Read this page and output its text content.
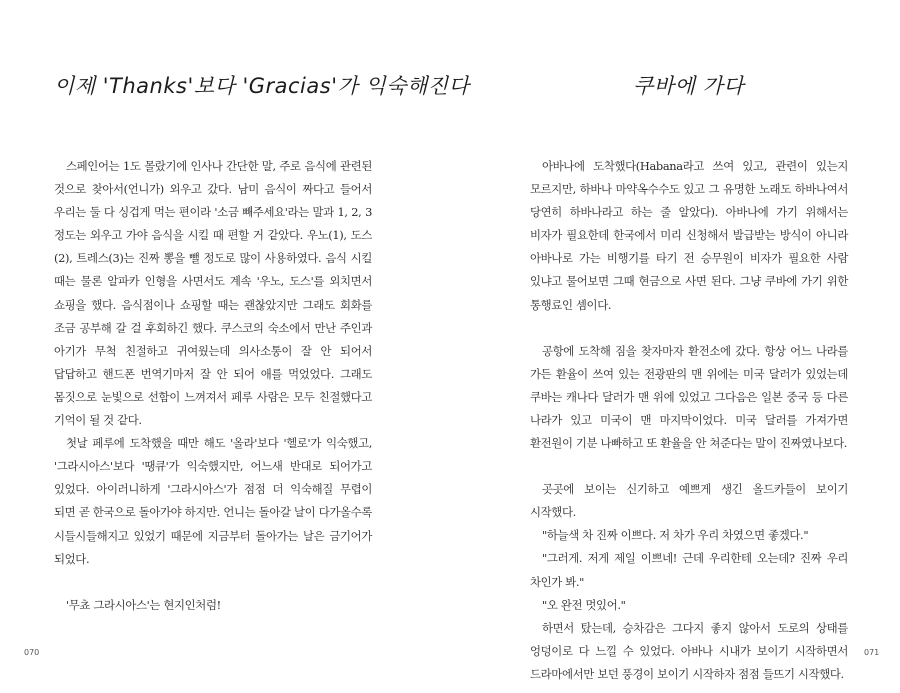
이제 'Thanks'보다 'Gracias'가 익숙해진다

스페인어는 1도 몰랐기에 인사나 간단한 말, 주로 음식에 관련된 것으로 찾아서(언니가) 외우고 갔다. 남미 음식이 짜다고 들어서 우리는 둘 다 싱겁게 먹는 편이라 '소금 빼주세요'라는 말과 1, 2, 3 정도는 외우고 가야 음식을 시킬 때 편할 거 같았다. 우노(1), 도스(2), 트레스(3)는 진짜 뽕을 뺄 정도로 많이 사용하였다. 음식 시킬 때는 물론 알파카 인형을 사면서도 계속 '우노, 도스'를 외치면서 쇼핑을 했다. 음식점이나 쇼핑할 때는 괜찮았지만 그래도 회화를 조금 공부해 갈 걸 후회하긴 했다. 쿠스코의 숙소에서 만난 주인과 아기가 무척 친절하고 귀여웠는데 의사소통이 잘 안 되어서 답답하고 핸드폰 번역기마저 잘 안 되어 애를 먹었었다. 그래도 몸짓으로 눈빛으로 선함이 느껴져서 페루 사람은 모두 친절했다고 기억이 될 것 같다.

첫날 페루에 도착했을 때만 해도 '올라'보다 '헬로'가 익숙했고, '그라시아스'보다 '땡큐'가 익숙했지만, 어느새 반대로 되어가고 있었다. 아이러니하게 '그라시아스'가 점점 더 익숙해질 무렵이 되면 곧 한국으로 돌아가야 하지만. 언니는 돌아갈 날이 다가올수록 시들시들해지고 있었기 때문에 지금부터 돌아가는 날은 금기어가 되었다.

'무쵸 그라시아스'는 현지인처럼!

070
쿠바에 가다

아바나에 도착했다(Habana라고 쓰여 있고, 관련이 있는지 모르지만, 하바나 마약옥수수도 있고 그 유명한 노래도 하바나여서 당연히 하바나라고 하는 줄 알았다). 아바나에 가기 위해서는 비자가 필요한데 한국에서 미리 신청해서 발급받는 방식이 아니라 아바나로 가는 비행기를 타기 전 승무원이 비자가 필요한 사람 있냐고 물어보면 그때 현금으로 사면 된다. 그냥 쿠바에 가기 위한 통행료인 셈이다.

공항에 도착해 짐을 찾자마자 환전소에 갔다. 항상 어느 나라를 가든 환율이 쓰여 있는 전광판의 맨 위에는 미국 달러가 있었는데 쿠바는 캐나다 달러가 맨 위에 있었고 그다음은 일본 중국 등 다른 나라가 있고 미국이 맨 마지막이었다. 미국 달러를 가져가면 환전원이 기분 나빠하고 또 환율을 안 쳐준다는 말이 진짜였나보다.

곳곳에 보이는 신기하고 예쁘게 생긴 올드카들이 보이기 시작했다.

"하늘색 차 진짜 이쁘다. 저 차가 우리 차였으면 좋겠다."

"그러게. 저게 제일 이쁘네! 근데 우리한테 오는데? 진짜 우리 차인가 봐."

"오 완전 멋있어."

하면서 탔는데, 승차감은 그다지 좋지 않아서 도로의 상태를 엉덩이로 다 느낄 수 있었다. 아바나 시내가 보이기 시작하면서 드라마에서만 보던 풍경이 보이기 시작하자 점점 들뜨기 시작했다.

071
